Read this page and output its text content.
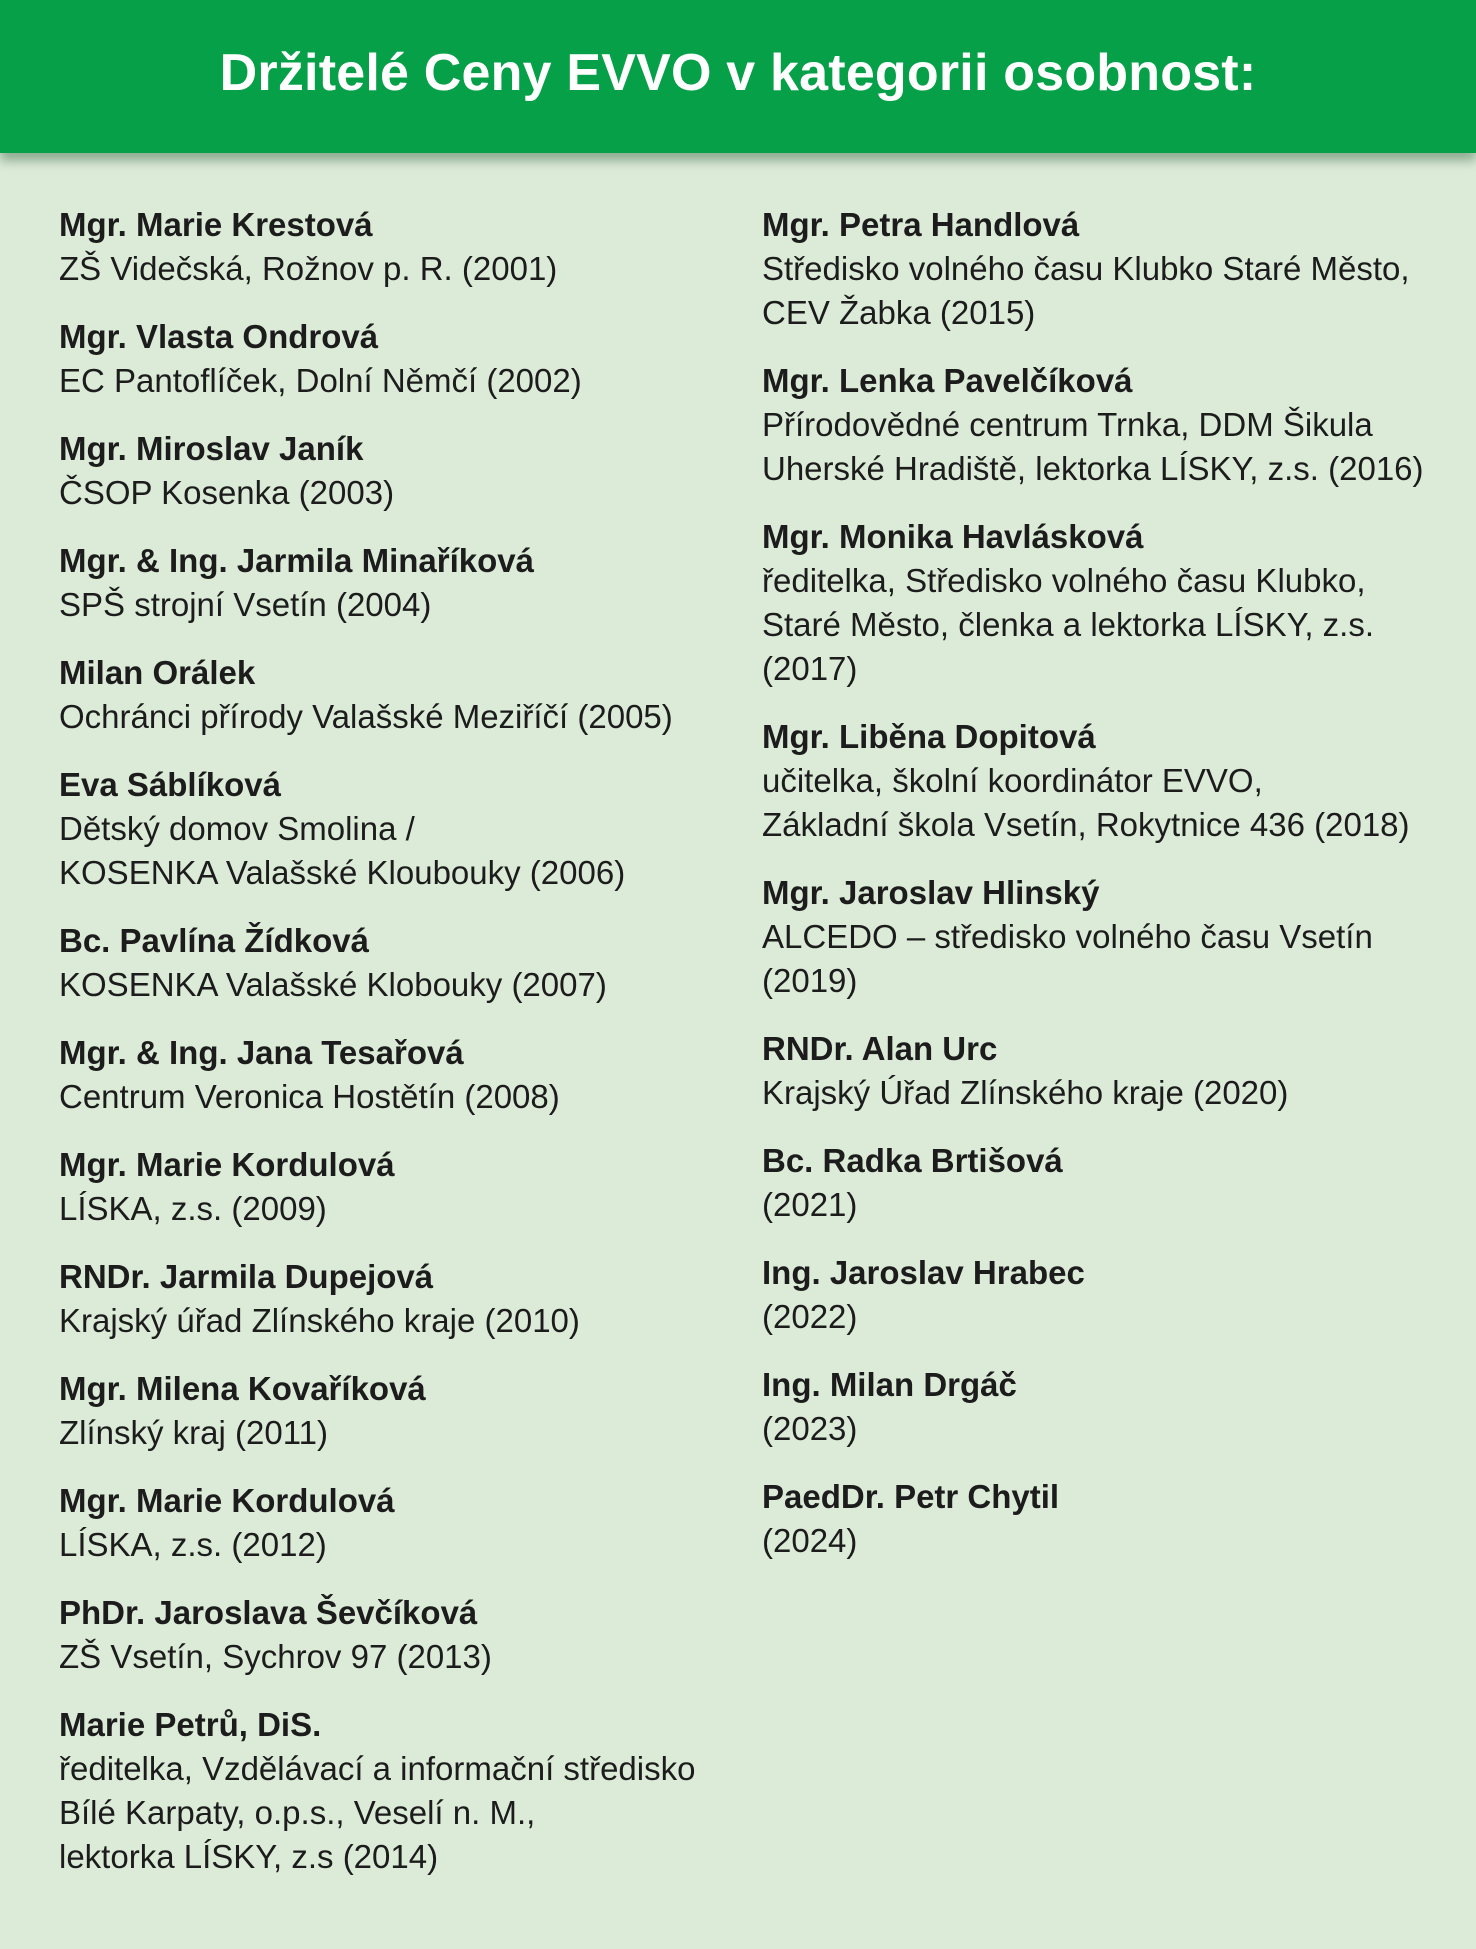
Držitelé Ceny EVVO v kategorii osobnost:
Mgr. Marie Krestová
ZŠ Videčská, Rožnov p. R. (2001)
Mgr. Vlasta Ondrová
EC Pantoflíček, Dolní Němčí (2002)
Mgr. Miroslav Janík
ČSOP Kosenka (2003)
Mgr. & Ing. Jarmila Minaříková
SPŠ strojní Vsetín (2004)
Milan Orálek
Ochránci přírody Valašské Meziříčí (2005)
Eva Sáblíková
Dětský domov Smolina /
KOSENKA Valašské Kloubouky (2006)
Bc. Pavlína Žídková
KOSENKA Valašské Klobouky (2007)
Mgr. & Ing. Jana Tesařová
Centrum Veronica Hostětín (2008)
Mgr. Marie Kordulová
LÍSKA, z.s. (2009)
RNDr. Jarmila Dupejová
Krajský úřad Zlínského kraje (2010)
Mgr. Milena Kovaříková
Zlínský kraj (2011)
Mgr. Marie Kordulová
LÍSKA, z.s. (2012)
PhDr. Jaroslava Ševčíková
ZŠ Vsetín, Sychrov 97 (2013)
Marie Petrů, DiS.
ředitelka, Vzdělávací a informační středisko
Bílé Karpaty, o.p.s., Veselí n. M.,
lektorka LÍSKY, z.s (2014)
Mgr. Petra Handlová
Středisko volného času Klubko Staré Město,
CEV Žabka (2015)
Mgr. Lenka Pavelčíková
Přírodovědné centrum Trnka, DDM Šikula
Uherské Hradiště, lektorka LÍSKY, z.s. (2016)
Mgr. Monika Havlásková
ředitelka, Středisko volného času Klubko,
Staré Město, členka a lektorka LÍSKY, z.s.
(2017)
Mgr. Liběna Dopitová
učitelka, školní koordinátor EVVO,
Základní škola Vsetín, Rokytnice 436 (2018)
Mgr. Jaroslav Hlinský
ALCEDO – středisko volného času Vsetín
(2019)
RNDr. Alan Urc
Krajský Úřad Zlínského kraje (2020)
Bc. Radka Brtišová
(2021)
Ing. Jaroslav Hrabec
(2022)
Ing. Milan Drgáč
(2023)
PaedDr. Petr Chytil
(2024)
